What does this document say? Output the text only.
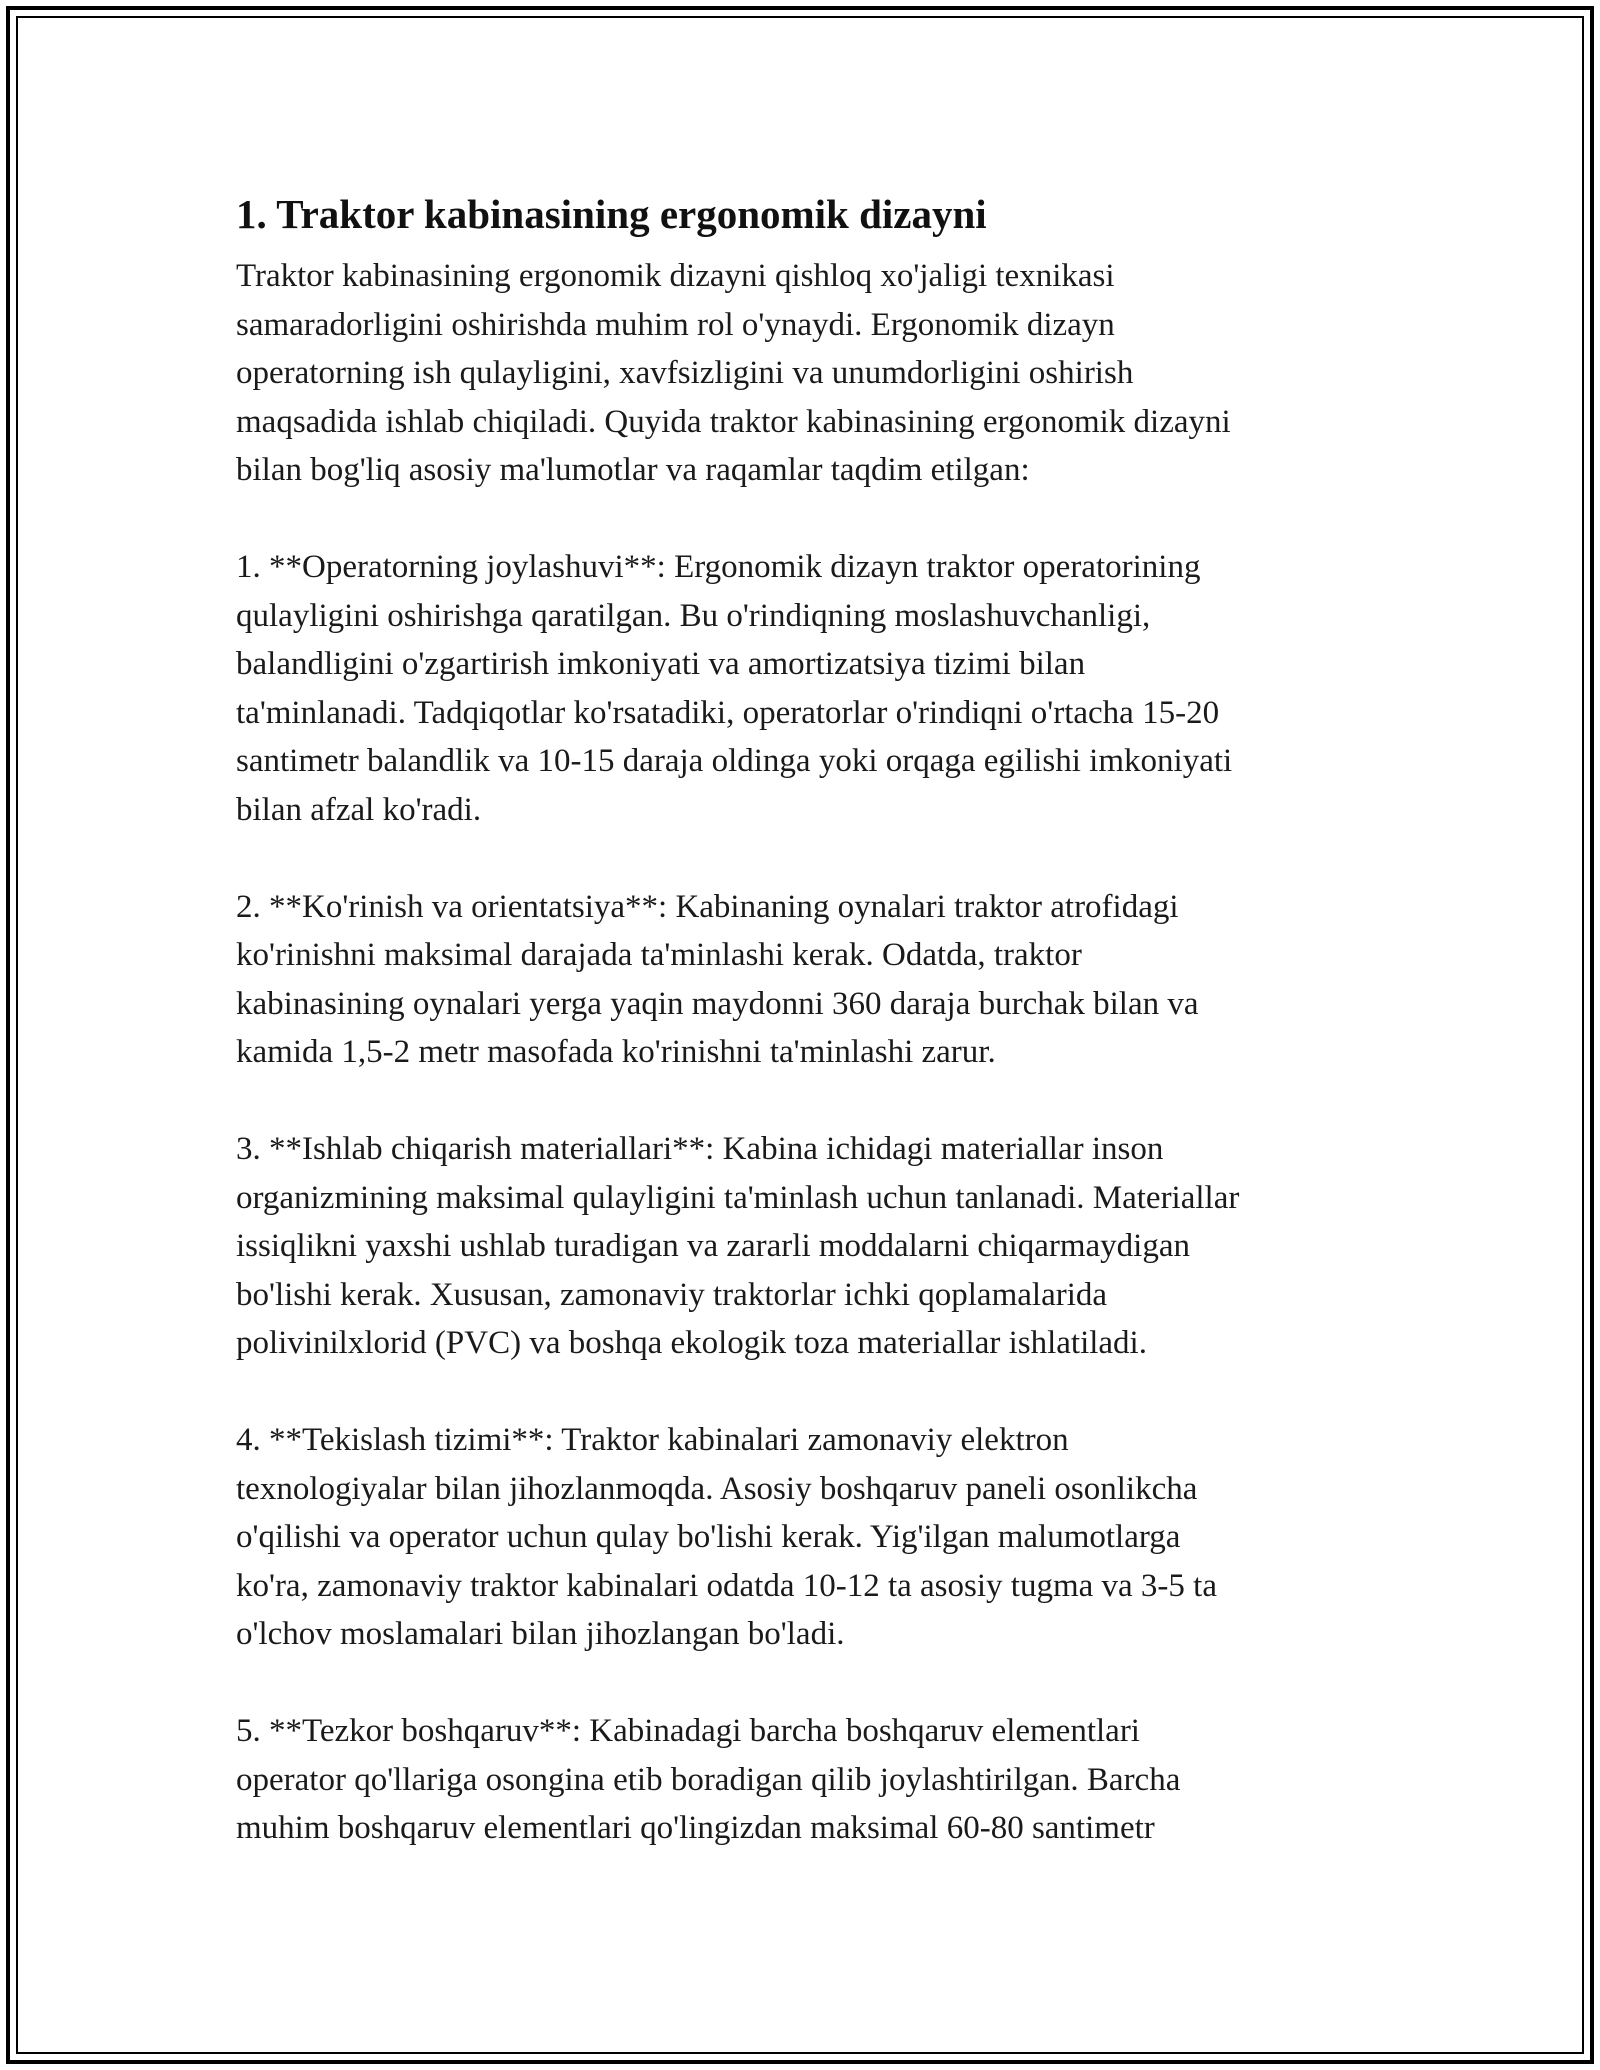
1. Traktor kabinasining ergonomik dizayni

Traktor kabinasining ergonomik dizayni qishloq xo'jaligi texnikasi
samaradorligini oshirishda muhim rol o'ynaydi. Ergonomik dizayn
operatorning ish qulayligini, xavfsizligini va unumdorligini oshirish
maqsadida ishlab chiqiladi. Quyida traktor kabinasining ergonomik dizayni
bilan bog'liq asosiy ma'lumotlar va raqamlar taqdim etilgan:

1. **Operatorning joylashuvi**: Ergonomik dizayn traktor operatorining
qulayligini oshirishga qaratilgan. Bu o'rindiqning moslashuvchanligi,
balandligini o'zgartirish imkoniyati va amortizatsiya tizimi bilan
ta'minlanadi. Tadqiqotlar ko'rsatadiki, operatorlar o'rindiqni o'rtacha 15-20
santimetr balandlik va 10-15 daraja oldinga yoki orqaga egilishi imkoniyati
bilan afzal ko'radi.

2. **Ko'rinish va orientatsiya**: Kabinaning oynalari traktor atrofidagi
ko'rinishni maksimal darajada ta'minlashi kerak. Odatda, traktor
kabinasining oynalari yerga yaqin maydonni 360 daraja burchak bilan va
kamida 1,5-2 metr masofada ko'rinishni ta'minlashi zarur.

3. **Ishlab chiqarish materiallari**: Kabina ichidagi materiallar inson
organizmining maksimal qulayligini ta'minlash uchun tanlanadi. Materiallar
issiqlikni yaxshi ushlab turadigan va zararli moddalarni chiqarmaydigan
bo'lishi kerak. Xususan, zamonaviy traktorlar ichki qoplamalarida
polivinilxlorid (PVC) va boshqa ekologik toza materiallar ishlatiladi.

4. **Tekislash tizimi**: Traktor kabinalari zamonaviy elektron
texnologiyalar bilan jihozlanmoqda. Asosiy boshqaruv paneli osonlikcha
o'qilishi va operator uchun qulay bo'lishi kerak. Yig'ilgan malumotlarga
ko'ra, zamonaviy traktor kabinalari odatda 10-12 ta asosiy tugma va 3-5 ta
o'lchov moslamalari bilan jihozlangan bo'ladi.

5. **Tezkor boshqaruv**: Kabinadagi barcha boshqaruv elementlari
operator qo'llariga osongina etib boradigan qilib joylashtirilgan. Barcha
muhim boshqaruv elementlari qo'lingizdan maksimal 60-80 santimetr
